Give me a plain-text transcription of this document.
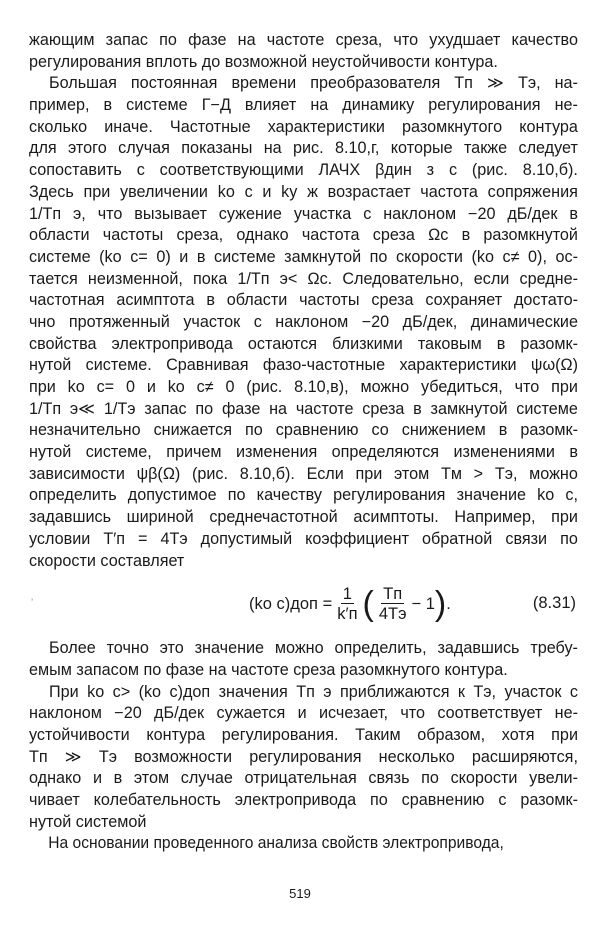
жающим запас по фазе на частоте среза, что ухудшает качество
регулирования вплоть до возможной неустойчивости контура.
Большая постоянная времени преобразователя Tп ≫ Tэ, на-
пример, в системе Г−Д влияет на динамику регулирования не-
сколько иначе. Частотные характеристики разомкнутого контура
для этого случая показаны на рис. 8.10,г, которые также следует
сопоставить с соответствующими ЛАЧХ βдин з с (рис. 8.10,б).
Здесь при увеличении kо с и kу ж возрастает частота сопряжения
1/Tп э, что вызывает сужение участка с наклоном −20 дБ/дек в
области частоты среза, однако частота среза Ωс в разомкнутой
системе (kо с= 0) и в системе замкнутой по скорости (kо с≠ 0), ос-
тается неизменной, пока 1/Tп э< Ωс. Следовательно, если средне-
частотная асимптота в области частоты среза сохраняет достато-
чно протяженный участок с наклоном −20 дБ/дек, динамические
свойства электропривода остаются близкими таковым в разомк-
нутой системе. Сравнивая фазо-частотные характеристики ψω(Ω)
при kо с= 0 и kо с≠ 0 (рис. 8.10,в), можно убедиться, что при
1/Tп э≪ 1/Tэ запас по фазе на частоте среза в замкнутой системе
незначительно снижается по сравнению со снижением в разомк-
нутой системе, причем изменения определяются изменениями в
зависимости ψβ(Ω) (рис. 8.10,б). Если при этом Tм > Tэ, можно
определить допустимое по качеству регулирования значение kо с,
задавшись шириной среднечастотной асимптоты. Например, при
условии T′п = 4Tэ допустимый коэффициент обратной связи по
скорости составляет
ʼ	(kо $с)доп = \frac{1}{k'п}$ ( $\frac{Tп}{4Tэ} - 1$ ) .	(8.31)
Более точно это значение можно определить, задавшись требу-
емым запасом по фазе на частоте среза разомкнутого контура.
При kо с> (kо с)доп значения Tп э приближаются к Tэ, участок с
наклоном −20 дБ/дек сужается и исчезает, что соответствует не-
устойчивости контура регулирования. Таким образом, хотя при
Tп ≫ Tэ возможности регулирования несколько расширяются,
однако и в этом случае отрицательная связь по скорости увели-
чивает колебательность электропривода по сравнению с разомк-
нутой системой
На основании проведенного анализа свойств электропривода,
519
